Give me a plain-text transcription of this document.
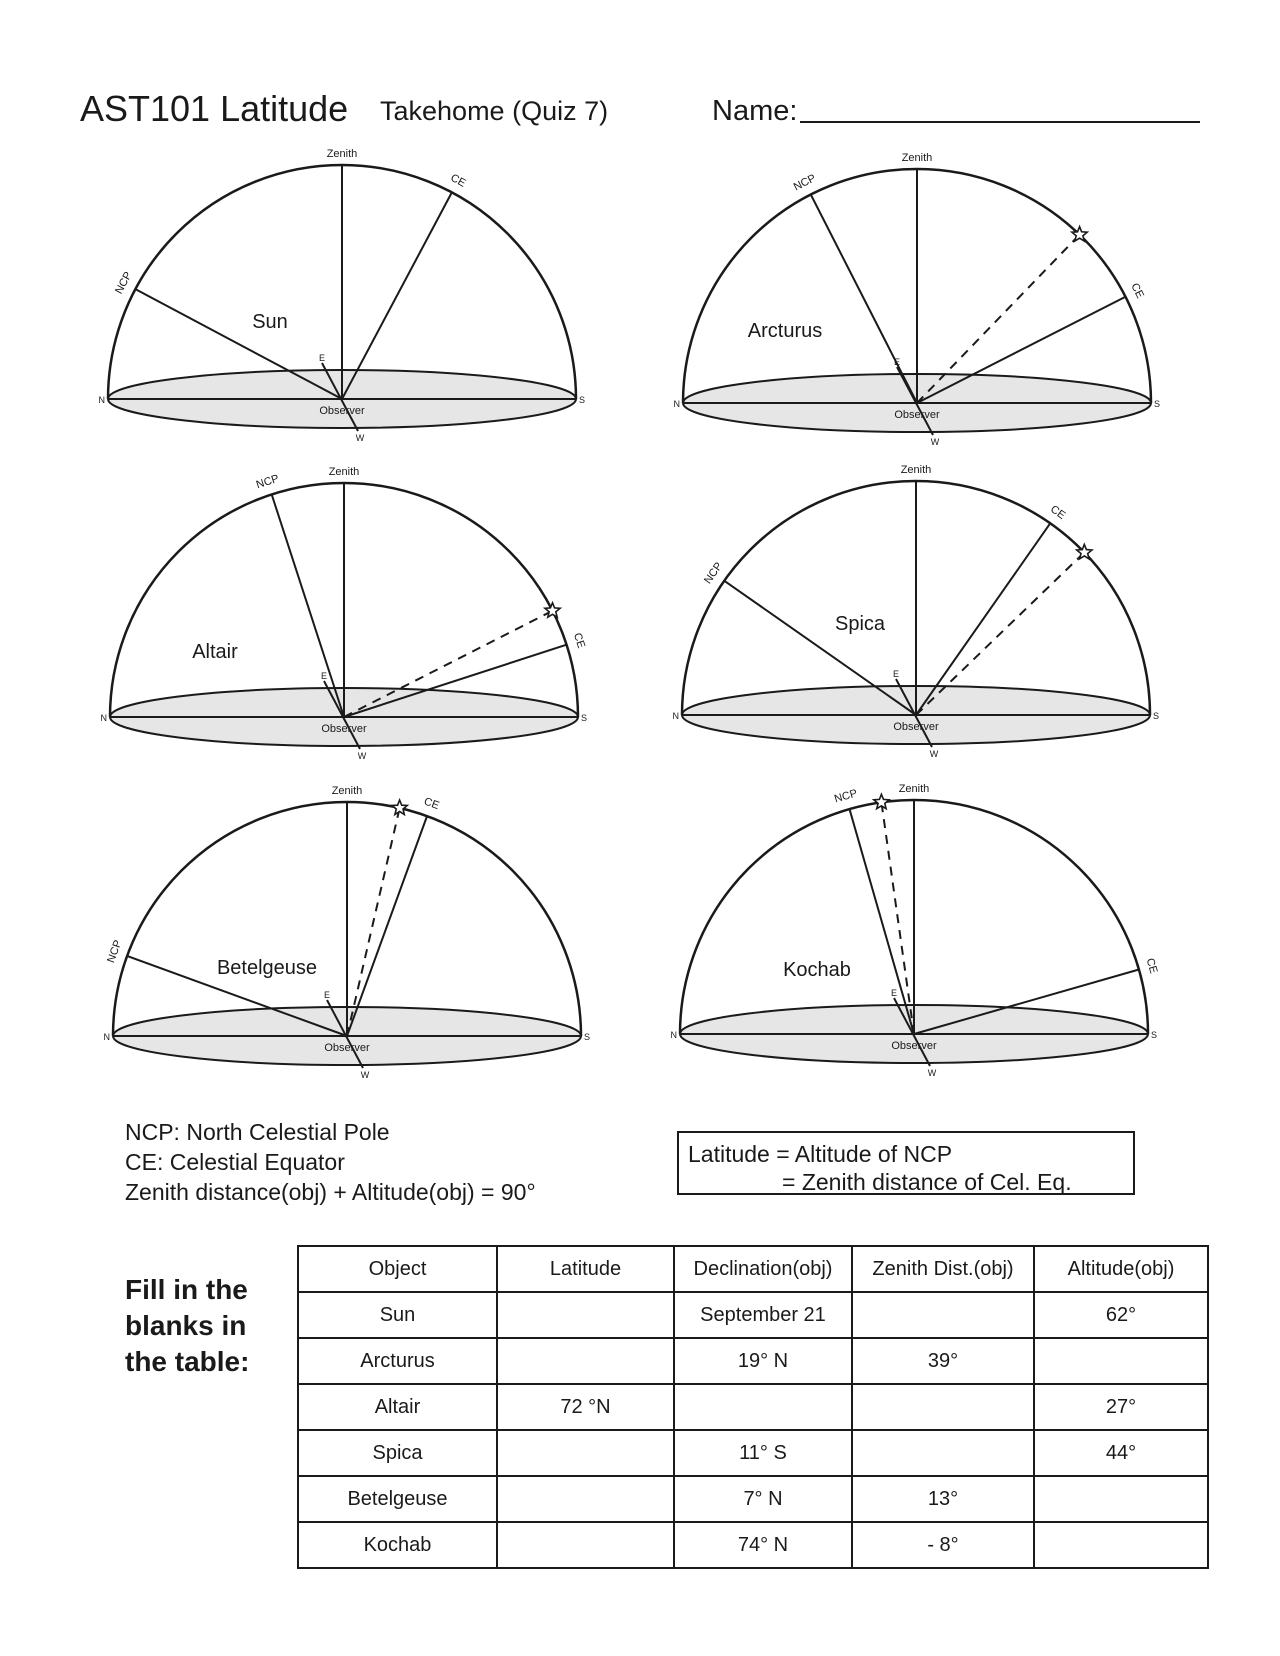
AST101 Latitude Takehome (Quiz 7)	Name:
Zenith
Observer
N	S
E
W
NCP
CE
Zenith
Observer
N	S
E
W
NCP
CE
Zenith
Observer
N	S
E
W
NCP
CE
Zenith
Observer
N	S
E
W
NCP
CE
Zenith
Observer
N	S
E
W
NCP
CE
Zenith
Observer
N	S
E
W
NCP
CE
Sun	Arcturus
Altair
Spica
Betelgeuse	Kochab
NCP: North Celestial Pole
CE: Celestial Equator
Zenith distance(obj) + Altitude(obj) = 90°
Latitude = Altitude of NCP
= Zenith distance of Cel. Eq.
Fill in the
blanks in
the table:
Object	Latitude	Declination(obj)	Zenith Dist.(obj)	Altitude(obj)
Sun		September 21		62°
Arcturus		19° N	39°	
Altair	72 °N			27°
Spica		11° S		44°
Betelgeuse		7° N	13°	
Kochab		74° N	- 8°	
